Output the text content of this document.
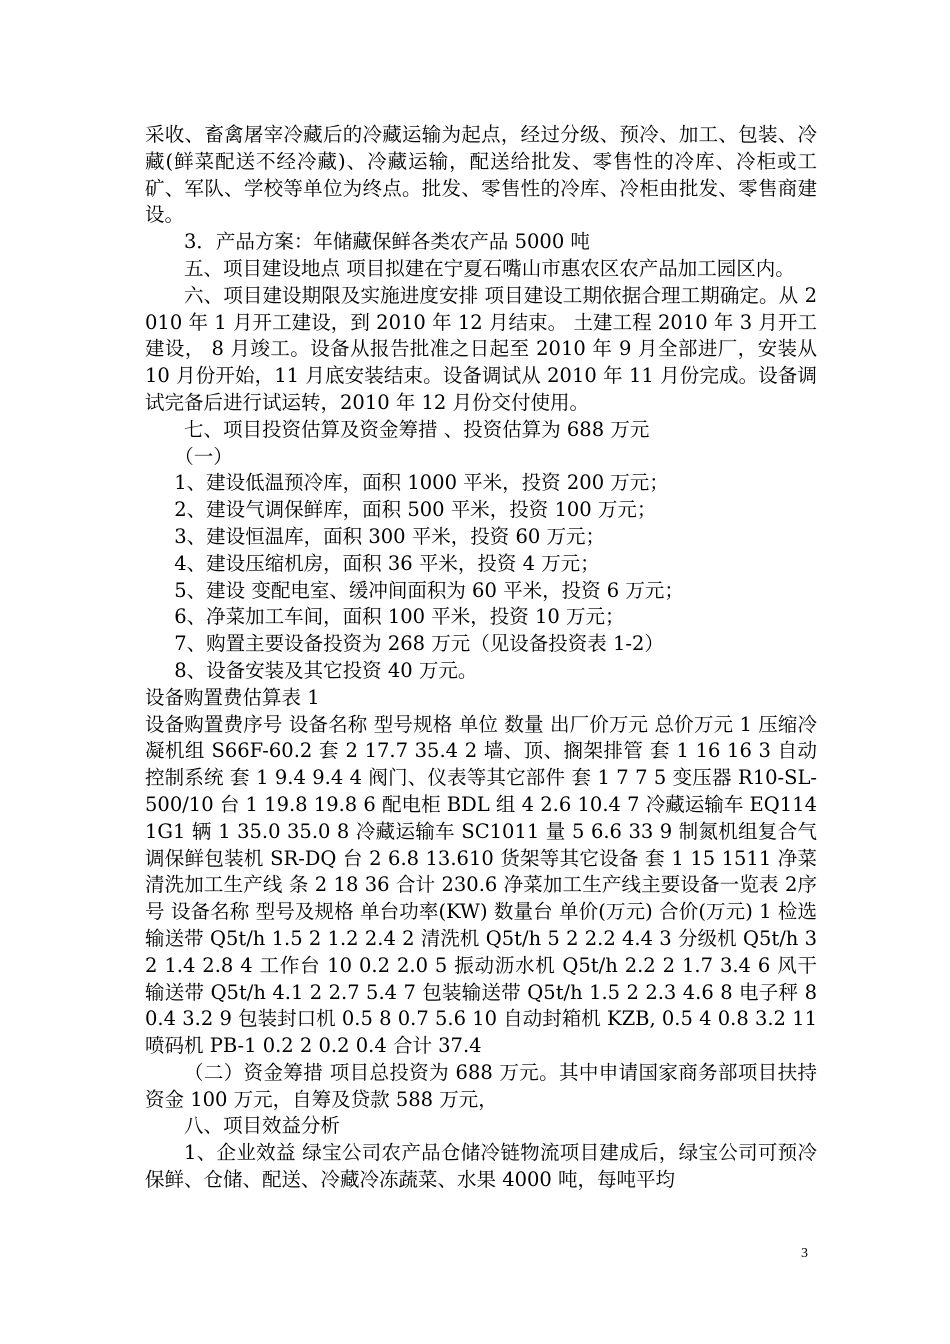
采收、畜禽屠宰冷藏后的冷藏运输为起点，经过分级、预冷、加工、包装、冷藏(鲜菜配送不经冷藏)、冷藏运输，配送给批发、零售性的冷库、冷柜或工矿、军队、学校等单位为终点。批发、零售性的冷库、冷柜由批发、零售商建设。

3．产品方案：年储藏保鲜各类农产品 5000 吨

五、项目建设地点 项目拟建在宁夏石嘴山市惠农区农产品加工园区内。

六、项目建设期限及实施进度安排 项目建设工期依据合理工期确定。从 2010 年 1 月开工建设，到 2010 年 12 月结束。 土建工程 2010 年 3 月开工建设， 8 月竣工。设备从报告批准之日起至 2010 年 9 月全部进厂，安装从 10 月份开始，11 月底安装结束。设备调试从 2010 年 11 月份完成。设备调试完备后进行试运转，2010 年 12 月份交付使用。

七、项目投资估算及资金筹措 、投资估算为 688 万元

（一）

1、建设低温预冷库，面积 1000 平米，投资 200 万元；

2、建设气调保鲜库，面积 500 平米，投资 100 万元；

3、建设恒温库，面积 300 平米，投资 60 万元；

4、建设压缩机房，面积 36 平米，投资 4 万元；

5、建设 变配电室、缓冲间面积为 60 平米，投资 6 万元；

6、净菜加工车间，面积 100 平米，投资 10 万元；

7、购置主要设备投资为 268 万元（见设备投资表 1-2）

8、设备安装及其它投资 40 万元。

设备购置费估算表 1

设备购置费序号 设备名称 型号规格 单位 数量 出厂价万元 总价万元 1 压缩冷凝机组 S66F-60.2 套 2 17.7 35.4 2 墙、顶、搁架排管 套 1 16 16 3 自动控制系统 套 1 9.4 9.4 4 阀门、仪表等其它部件 套 1 7 7 5 变压器 R10-SL-500/10 台 1 19.8 19.8 6 配电柜 BDL 组 4 2.6 10.4 7 冷藏运输车 EQ1141G1 辆 1 35.0 35.0 8 冷藏运输车 SC1011 量 5 6.6 33 9 制氮机组复合气调保鲜包装机 SR-DQ 台 2 6.8 13.610 货架等其它设备 套 1 15 1511 净菜清洗加工生产线 条 2 18 36 合计 230.6 净菜加工生产线主要设备一览表 2序号 设备名称 型号及规格 单台功率(KW) 数量台 单价(万元) 合价(万元) 1 检选输送带 Q5t/h 1.5 2 1.2 2.4 2 清洗机 Q5t/h 5 2 2.2 4.4 3 分级机 Q5t/h 3 2 1.4 2.8 4 工作台 10 0.2 2.0 5 振动沥水机 Q5t/h 2.2 2 1.7 3.4 6 风干输送带 Q5t/h 4.1 2 2.7 5.4 7 包装输送带 Q5t/h 1.5 2 2.3 4.6 8 电子秤 8 0.4 3.2 9 包装封口机 0.5 8 0.7 5.6 10 自动封箱机 KZB, 0.5 4 0.8 3.2 11 喷码机 PB-1 0.2 2 0.2 0.4 合计 37.4

（二）资金筹措 项目总投资为 688 万元。其中申请国家商务部项目扶持资金 100 万元，自筹及贷款 588 万元，

八、项目效益分析

1、企业效益 绿宝公司农产品仓储冷链物流项目建成后，绿宝公司可预冷保鲜、仓储、配送、冷藏冷冻蔬菜、水果 4000 吨，每吨平均

3
